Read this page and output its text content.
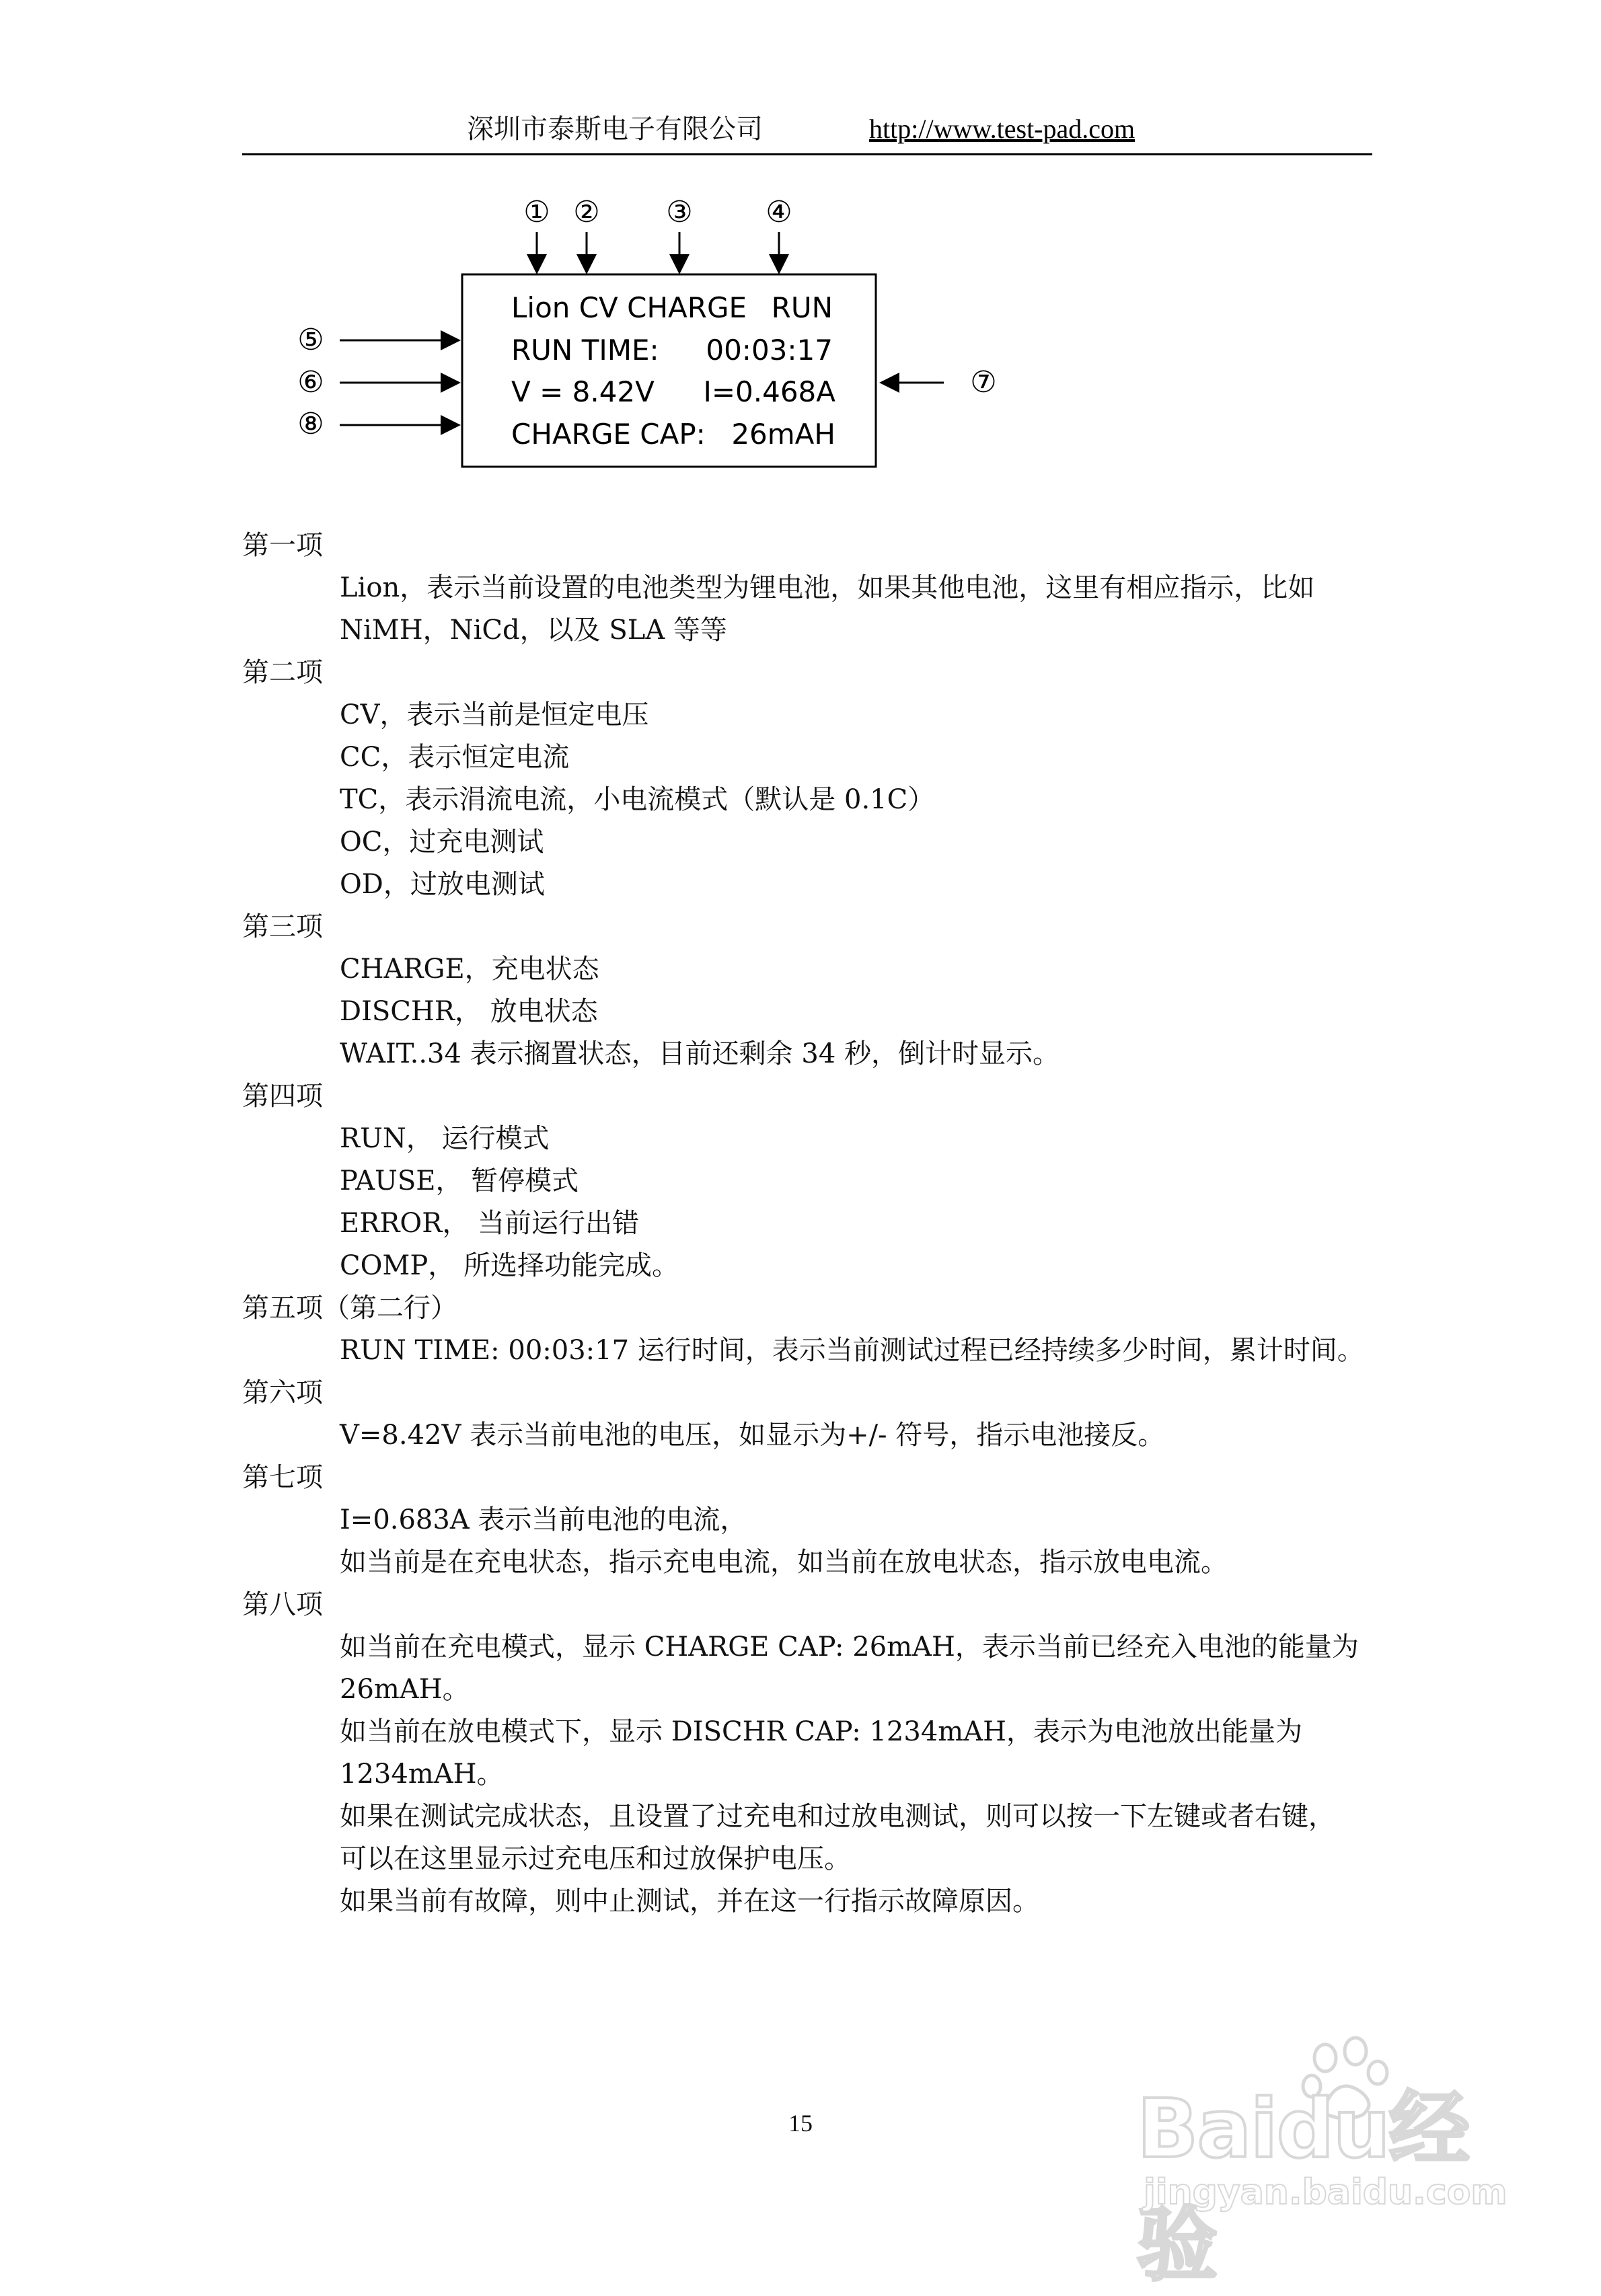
深圳市泰斯电子有限公司	http://www.test-pad.com
① ② ③ ④
Lion CV CHARGE RUN
RUN TIME: 00:03:17
V = 8.42V I=0.468A
CHARGE CAP: 26mAH
⑤
⑥
⑧
⑦
第一项
Lion，表示当前设置的电池类型为锂电池，如果其他电池，这里有相应指示，比如
NiMH，NiCd，以及 SLA 等等
第二项
CV，表示当前是恒定电压
CC，表示恒定电流
TC，表示涓流电流，小电流模式（默认是 0.1C）
OC，过充电测试
OD，过放电测试
第三项
CHARGE，充电状态
DISCHR， 放电状态
WAIT..34 表示搁置状态，目前还剩余 34 秒，倒计时显示。
第四项
RUN， 运行模式
PAUSE， 暂停模式
ERROR， 当前运行出错
COMP， 所选择功能完成。
第五项（第二行）
RUN TIME: 00:03:17 运行时间，表示当前测试过程已经持续多少时间，累计时间。
第六项
V=8.42V 表示当前电池的电压，如显示为+/- 符号，指示电池接反。
第七项
I=0.683A 表示当前电池的电流，
如当前是在充电状态，指示充电电流，如当前在放电状态，指示放电电流。
第八项
如当前在充电模式，显示 CHARGE CAP: 26mAH，表示当前已经充入电池的能量为
26mAH。
如当前在放电模式下，显示 DISCHR CAP: 1234mAH，表示为电池放出能量为
1234mAH。
如果在测试完成状态，且设置了过充电和过放电测试，则可以按一下左键或者右键，
可以在这里显示过充电压和过放保护电压。
如果当前有故障，则中止测试，并在这一行指示故障原因。
15	Baidu经验
jingyan.baidu.com
